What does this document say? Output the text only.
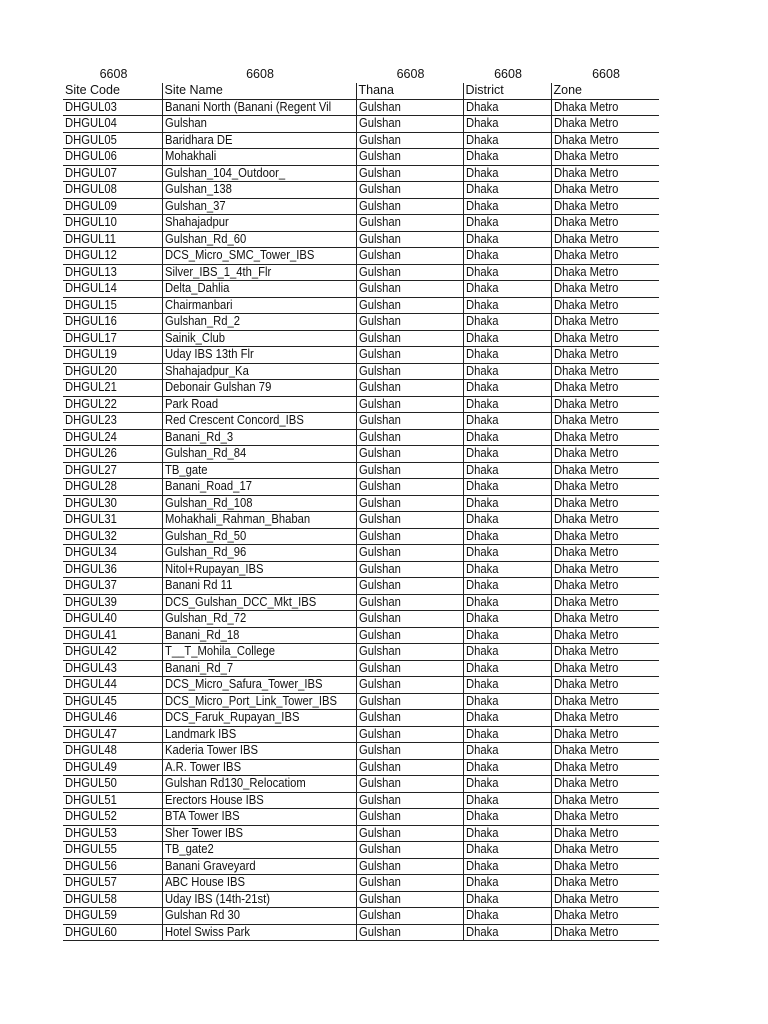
6608	6608	6608	6608	6608
Site Code	Site Name	Thana	District	Zone
DHGUL03	Banani North (Banani (Regent Vil	Gulshan	Dhaka	Dhaka Metro
DHGUL04	Gulshan	Gulshan	Dhaka	Dhaka Metro
DHGUL05	Baridhara DE	Gulshan	Dhaka	Dhaka Metro
DHGUL06	Mohakhali	Gulshan	Dhaka	Dhaka Metro
DHGUL07	Gulshan_104_Outdoor_	Gulshan	Dhaka	Dhaka Metro
DHGUL08	Gulshan_138	Gulshan	Dhaka	Dhaka Metro
DHGUL09	Gulshan_37	Gulshan	Dhaka	Dhaka Metro
DHGUL10	Shahajadpur	Gulshan	Dhaka	Dhaka Metro
DHGUL11	Gulshan_Rd_60	Gulshan	Dhaka	Dhaka Metro
DHGUL12	DCS_Micro_SMC_Tower_IBS	Gulshan	Dhaka	Dhaka Metro
DHGUL13	Silver_IBS_1_4th_Flr	Gulshan	Dhaka	Dhaka Metro
DHGUL14	Delta_Dahlia	Gulshan	Dhaka	Dhaka Metro
DHGUL15	Chairmanbari	Gulshan	Dhaka	Dhaka Metro
DHGUL16	Gulshan_Rd_2	Gulshan	Dhaka	Dhaka Metro
DHGUL17	Sainik_Club	Gulshan	Dhaka	Dhaka Metro
DHGUL19	Uday IBS 13th Flr	Gulshan	Dhaka	Dhaka Metro
DHGUL20	Shahajadpur_Ka	Gulshan	Dhaka	Dhaka Metro
DHGUL21	Debonair Gulshan 79	Gulshan	Dhaka	Dhaka Metro
DHGUL22	Park Road	Gulshan	Dhaka	Dhaka Metro
DHGUL23	Red Crescent Concord_IBS	Gulshan	Dhaka	Dhaka Metro
DHGUL24	Banani_Rd_3	Gulshan	Dhaka	Dhaka Metro
DHGUL26	Gulshan_Rd_84	Gulshan	Dhaka	Dhaka Metro
DHGUL27	TB_gate	Gulshan	Dhaka	Dhaka Metro
DHGUL28	Banani_Road_17	Gulshan	Dhaka	Dhaka Metro
DHGUL30	Gulshan_Rd_108	Gulshan	Dhaka	Dhaka Metro
DHGUL31	Mohakhali_Rahman_Bhaban	Gulshan	Dhaka	Dhaka Metro
DHGUL32	Gulshan_Rd_50	Gulshan	Dhaka	Dhaka Metro
DHGUL34	Gulshan_Rd_96	Gulshan	Dhaka	Dhaka Metro
DHGUL36	Nitol+Rupayan_IBS	Gulshan	Dhaka	Dhaka Metro
DHGUL37	Banani Rd 11	Gulshan	Dhaka	Dhaka Metro
DHGUL39	DCS_Gulshan_DCC_Mkt_IBS	Gulshan	Dhaka	Dhaka Metro
DHGUL40	Gulshan_Rd_72	Gulshan	Dhaka	Dhaka Metro
DHGUL41	Banani_Rd_18	Gulshan	Dhaka	Dhaka Metro
DHGUL42	T__T_Mohila_College	Gulshan	Dhaka	Dhaka Metro
DHGUL43	Banani_Rd_7	Gulshan	Dhaka	Dhaka Metro
DHGUL44	DCS_Micro_Safura_Tower_IBS	Gulshan	Dhaka	Dhaka Metro
DHGUL45	DCS_Micro_Port_Link_Tower_IBS	Gulshan	Dhaka	Dhaka Metro
DHGUL46	DCS_Faruk_Rupayan_IBS	Gulshan	Dhaka	Dhaka Metro
DHGUL47	Landmark IBS	Gulshan	Dhaka	Dhaka Metro
DHGUL48	Kaderia Tower IBS	Gulshan	Dhaka	Dhaka Metro
DHGUL49	A.R. Tower IBS	Gulshan	Dhaka	Dhaka Metro
DHGUL50	Gulshan Rd130_Relocatiom	Gulshan	Dhaka	Dhaka Metro
DHGUL51	Erectors House IBS	Gulshan	Dhaka	Dhaka Metro
DHGUL52	BTA Tower IBS	Gulshan	Dhaka	Dhaka Metro
DHGUL53	Sher Tower IBS	Gulshan	Dhaka	Dhaka Metro
DHGUL55	TB_gate2	Gulshan	Dhaka	Dhaka Metro
DHGUL56	Banani Graveyard	Gulshan	Dhaka	Dhaka Metro
DHGUL57	ABC House IBS	Gulshan	Dhaka	Dhaka Metro
DHGUL58	Uday IBS (14th-21st)	Gulshan	Dhaka	Dhaka Metro
DHGUL59	Gulshan Rd 30	Gulshan	Dhaka	Dhaka Metro
DHGUL60	Hotel Swiss Park	Gulshan	Dhaka	Dhaka Metro
